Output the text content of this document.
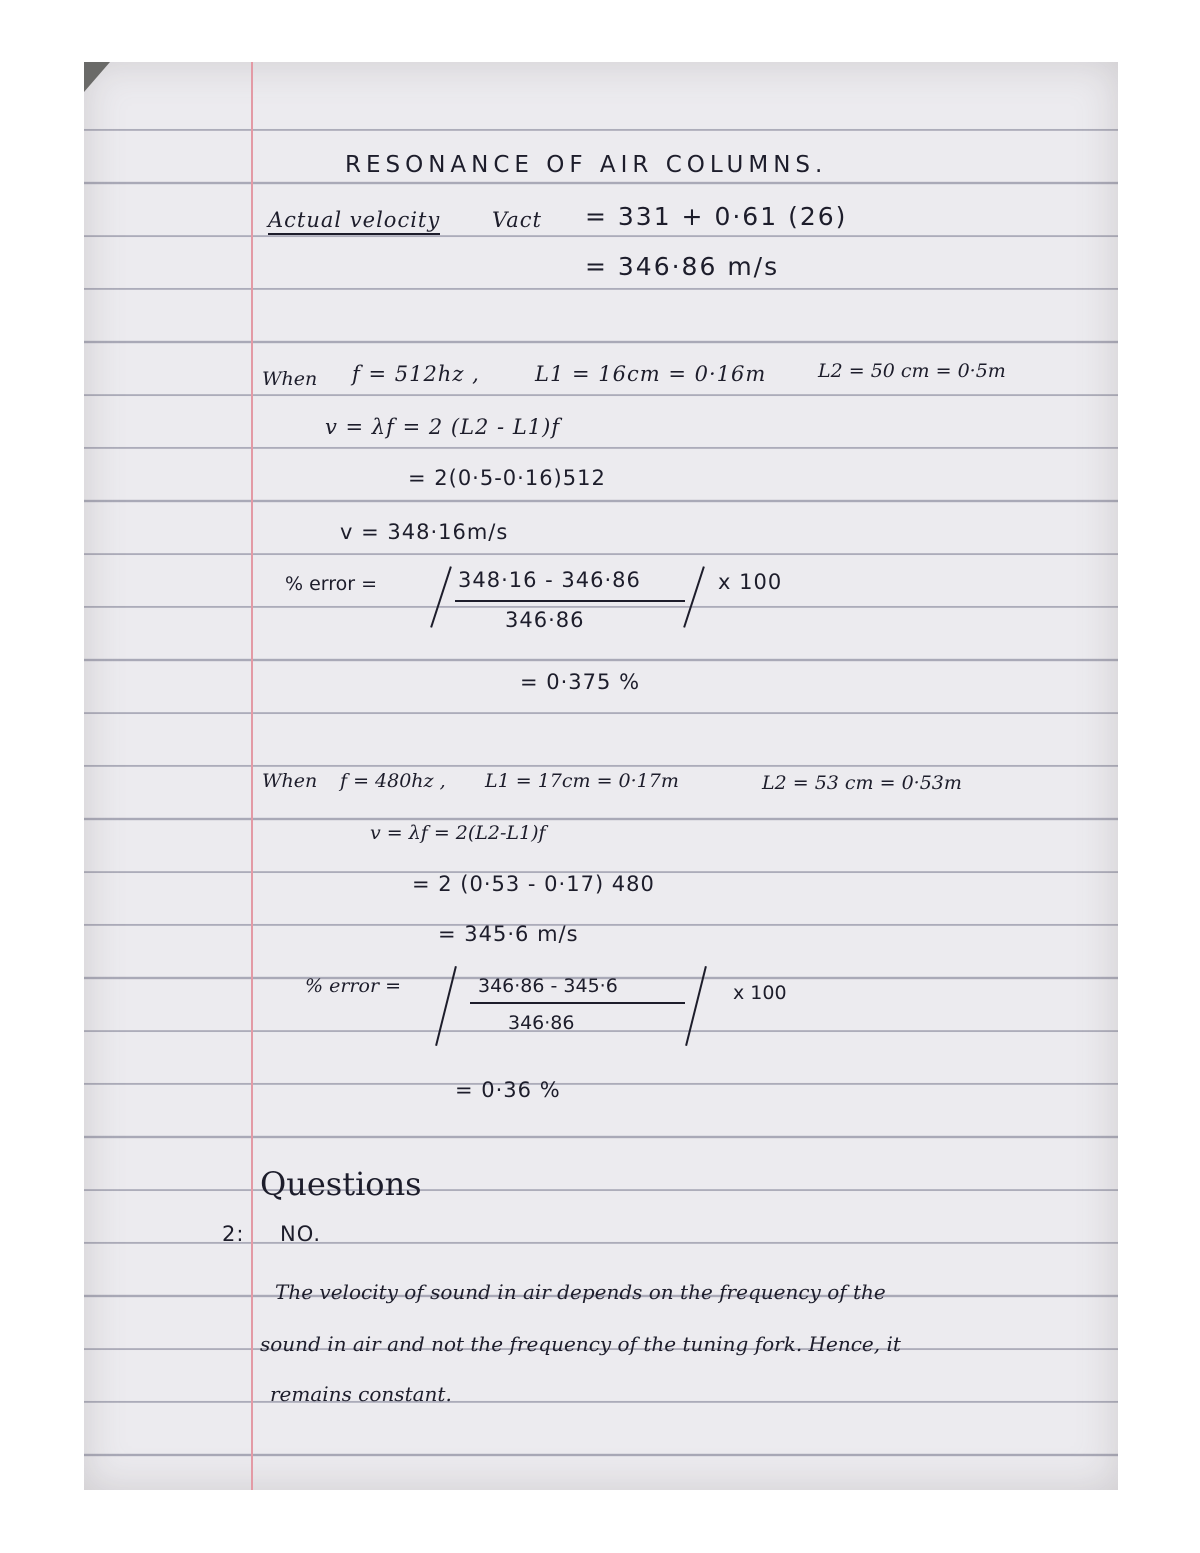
RESONANCE OF AIR COLUMNS.
Actual velocity Vact = 331 + 0·61 (26)
= 346·86 m/s
When f = 512hz ,	L1 = 16cm = 0·16m	L2 = 50 cm = 0·5m
v = λf = 2 (L2 - L1)f
= 2(0·5-0·16)512
v = 348·16m/s
% error =	348·16 - 346·86
346·86
x 100
= 0·375 %
When f = 480hz , L1 = 17cm = 0·17m	L2 = 53 cm = 0·53m
v = λf = 2(L2-L1)f
= 2 (0·53 - 0·17) 480
= 345·6 m/s
% error =	346·86 - 345·6
346·86
x 100
= 0·36 %
Questions
2: NO.
The velocity of sound in air depends on the frequency of the
sound in air and not the frequency of the tuning fork. Hence, it
remains constant.
